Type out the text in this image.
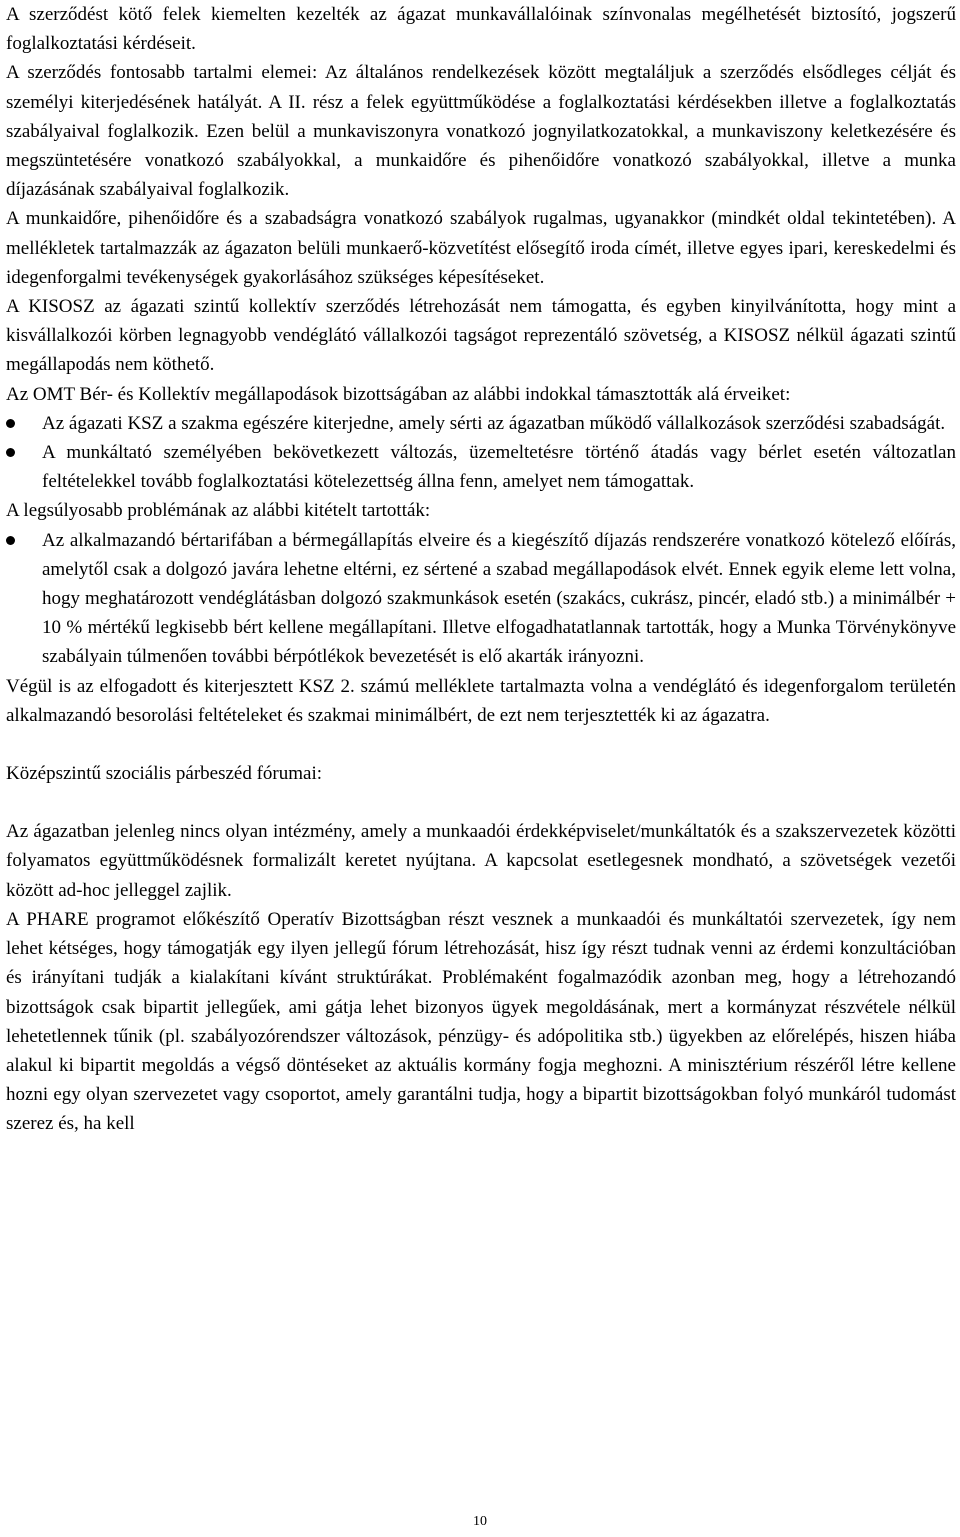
A szerződést kötő felek kiemelten kezelték az ágazat munkavállalóinak színvonalas megélhetését biztosító, jogszerű foglalkoztatási kérdéseit.

A szerződés fontosabb tartalmi elemei: Az általános rendelkezések között megtaláljuk a szerződés elsődleges célját és személyi kiterjedésének hatályát. A II. rész a felek együttműködése a foglalkoztatási kérdésekben illetve a foglalkoztatás szabályaival foglalkozik. Ezen belül a munkaviszonyra vonatkozó jognyilatkozatokkal, a munkaviszony keletkezésére és megszüntetésére vonatkozó szabályokkal, a munkaidőre és pihenőidőre vonatkozó szabályokkal, illetve a munka díjazásának szabályaival foglalkozik.

A munkaidőre, pihenőidőre és a szabadságra vonatkozó szabályok rugalmas, ugyanakkor (mindkét oldal tekintetében). A mellékletek tartalmazzák az ágazaton belüli munkaerő-közvetítést elősegítő iroda címét, illetve egyes ipari, kereskedelmi és idegenforgalmi tevékenységek gyakorlásához szükséges képesítéseket.

A KISOSZ az ágazati szintű kollektív szerződés létrehozását nem támogatta, és egyben kinyilvánította, hogy mint a kisvállalkozói körben legnagyobb vendéglátó vállalkozói tagságot reprezentáló szövetség, a KISOSZ nélkül ágazati szintű megállapodás nem köthető.

Az OMT Bér- és Kollektív megállapodások bizottságában az alábbi indokkal támasztották alá érveiket:

Az ágazati KSZ a szakma egészére kiterjedne, amely sérti az ágazatban működő vállalkozások szerződési szabadságát.
A munkáltató személyében bekövetkezett változás, üzemeltetésre történő átadás vagy bérlet esetén változatlan feltételekkel tovább foglalkoztatási kötelezettség állna fenn, amelyet nem támogattak.

A legsúlyosabb problémának az alábbi kitételt tartották:

Az alkalmazandó bértarifában a bérmegállapítás elveire és a kiegészítő díjazás rendszerére vonatkozó kötelező előírás, amelytől csak a dolgozó javára lehetne eltérni, ez sértené a szabad megállapodások elvét. Ennek egyik eleme lett volna, hogy meghatározott vendéglátásban dolgozó szakmunkások esetén (szakács, cukrász, pincér, eladó stb.) a minimálbér + 10 % mértékű legkisebb bért kellene megállapítani. Illetve elfogadhatatlannak tartották, hogy a Munka Törvénykönyve szabályain túlmenően további bérpótlékok bevezetését is elő akarták irányozni.

Végül is az elfogadott és kiterjesztett KSZ 2. számú melléklete tartalmazta volna a vendéglátó és idegenforgalom területén alkalmazandó besorolási feltételeket és szakmai minimálbért, de ezt nem terjesztették ki az ágazatra.

Középszintű szociális párbeszéd fórumai:

Az ágazatban jelenleg nincs olyan intézmény, amely a munkaadói érdekképviselet/munkáltatók és a szakszervezetek közötti folyamatos együttműködésnek formalizált keretet nyújtana. A kapcsolat esetlegesnek mondható, a szövetségek vezetői között ad-hoc jelleggel zajlik.

A PHARE programot előkészítő Operatív Bizottságban részt vesznek a munkaadói és munkáltatói szervezetek, így nem lehet kétséges, hogy támogatják egy ilyen jellegű fórum létrehozását, hisz így részt tudnak venni az érdemi konzultációban és irányítani tudják a kialakítani kívánt struktúrákat. Problémaként fogalmazódik azonban meg, hogy a létrehozandó bizottságok csak bipartit jellegűek, ami gátja lehet bizonyos ügyek megoldásának, mert a kormányzat részvétele nélkül lehetetlennek tűnik (pl. szabályozórendszer változások, pénzügy- és adópolitika stb.) ügyekben az előrelépés, hiszen hiába alakul ki bipartit megoldás a végső döntéseket az aktuális kormány fogja meghozni. A minisztérium részéről létre kellene hozni egy olyan szervezetet vagy csoportot, amely garantálni tudja, hogy a bipartit bizottságokban folyó munkáról tudomást szerez és, ha kell

10
